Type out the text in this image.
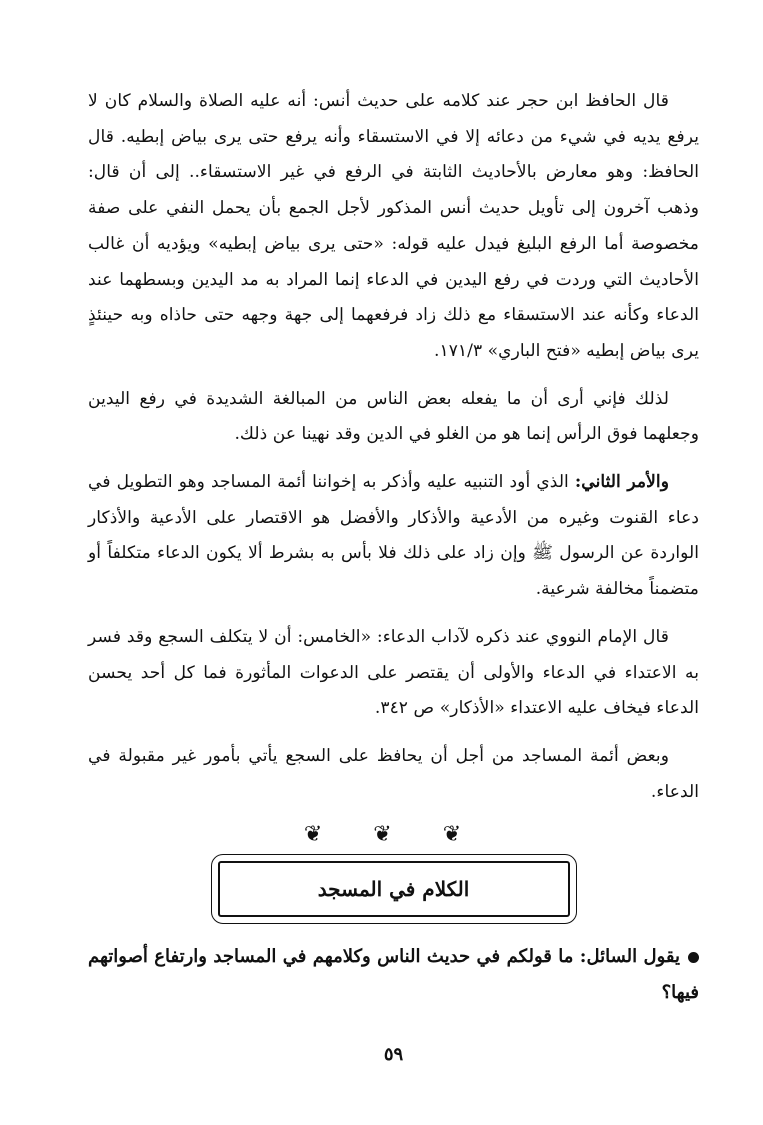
قال الحافظ ابن حجر عند كلامه على حديث أنس: أنه عليه الصلاة والسلام كان لا يرفع يديه في شيء من دعائه إلا في الاستسقاء وأنه يرفع حتى يرى بياض إبطيه. قال الحافظ: وهو معارض بالأحاديث الثابتة في الرفع في غير الاستسقاء.. إلى أن قال: وذهب آخرون إلى تأويل حديث أنس المذكور لأجل الجمع بأن يحمل النفي على صفة مخصوصة أما الرفع البليغ فيدل عليه قوله: «حتى يرى بياض إبطيه» ويؤديه أن غالب الأحاديث التي وردت في رفع اليدين في الدعاء إنما المراد به مد اليدين وبسطهما عند الدعاء وكأنه عند الاستسقاء مع ذلك زاد فرفعهما إلى جهة وجهه حتى حاذاه وبه حينئذٍ يرى بياض إبطيه «فتح الباري» ١٧١/٣.

لذلك فإني أرى أن ما يفعله بعض الناس من المبالغة الشديدة في رفع اليدين وجعلهما فوق الرأس إنما هو من الغلو في الدين وقد نهينا عن ذلك.

والأمر الثاني: الذي أود التنبيه عليه وأذكر به إخواننا أئمة المساجد وهو التطويل في دعاء القنوت وغيره من الأدعية والأذكار والأفضل هو الاقتصار على الأدعية والأذكار الواردة عن الرسول ﷺ وإن زاد على ذلك فلا بأس به بشرط ألا يكون الدعاء متكلفاً أو متضمناً مخالفة شرعية.

قال الإمام النووي عند ذكره لآداب الدعاء: «الخامس: أن لا يتكلف السجع وقد فسر به الاعتداء في الدعاء والأولى أن يقتصر على الدعوات المأثورة فما كل أحد يحسن الدعاء فيخاف عليه الاعتداء «الأذكار» ص ٣٤٢.

وبعض أئمة المساجد من أجل أن يحافظ على السجع يأتي بأمور غير مقبولة في الدعاء.

❦ ❦ ❦
الكلام في المسجد

يقول السائل: ما قولكم في حديث الناس وكلامهم في المساجد وارتفاع أصواتهم فيها؟

٥٩
